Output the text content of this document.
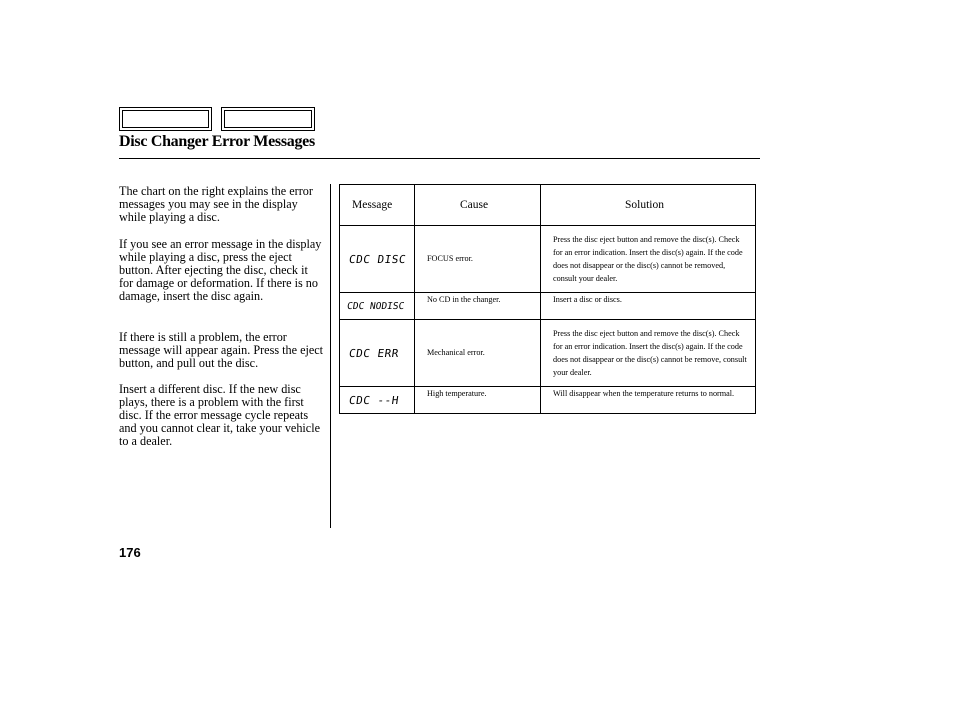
Disc Changer Error Messages
The chart on the right explains the error messages you may see in the display while playing a disc.
If you see an error message in the display while playing a disc, press the eject button. After ejecting the disc, check it for damage or deformation. If there is no damage, insert the disc again.
If there is still a problem, the error message will appear again. Press the eject button, and pull out the disc.
Insert a different disc. If the new disc plays, there is a problem with the first disc. If the error message cycle repeats and you cannot clear it, take your vehicle to a dealer.
Message	Cause	Solution

CDC DISC	FOCUS error.	Press the disc eject button and remove the disc(s). Check for an error indication. Insert the disc(s) again. If the code does not disappear or the disc(s) cannot be removed, consult your dealer.

CDC NODISC	No CD in the changer.	Insert a disc or discs.

CDC ERR	Mechanical error.	Press the disc eject button and remove the disc(s). Check for an error indication. Insert the disc(s) again. If the code does not disappear or the disc(s) cannot be remove, consult your dealer.

CDC --H	High temperature.	Will disappear when the temperature returns to normal.
176
